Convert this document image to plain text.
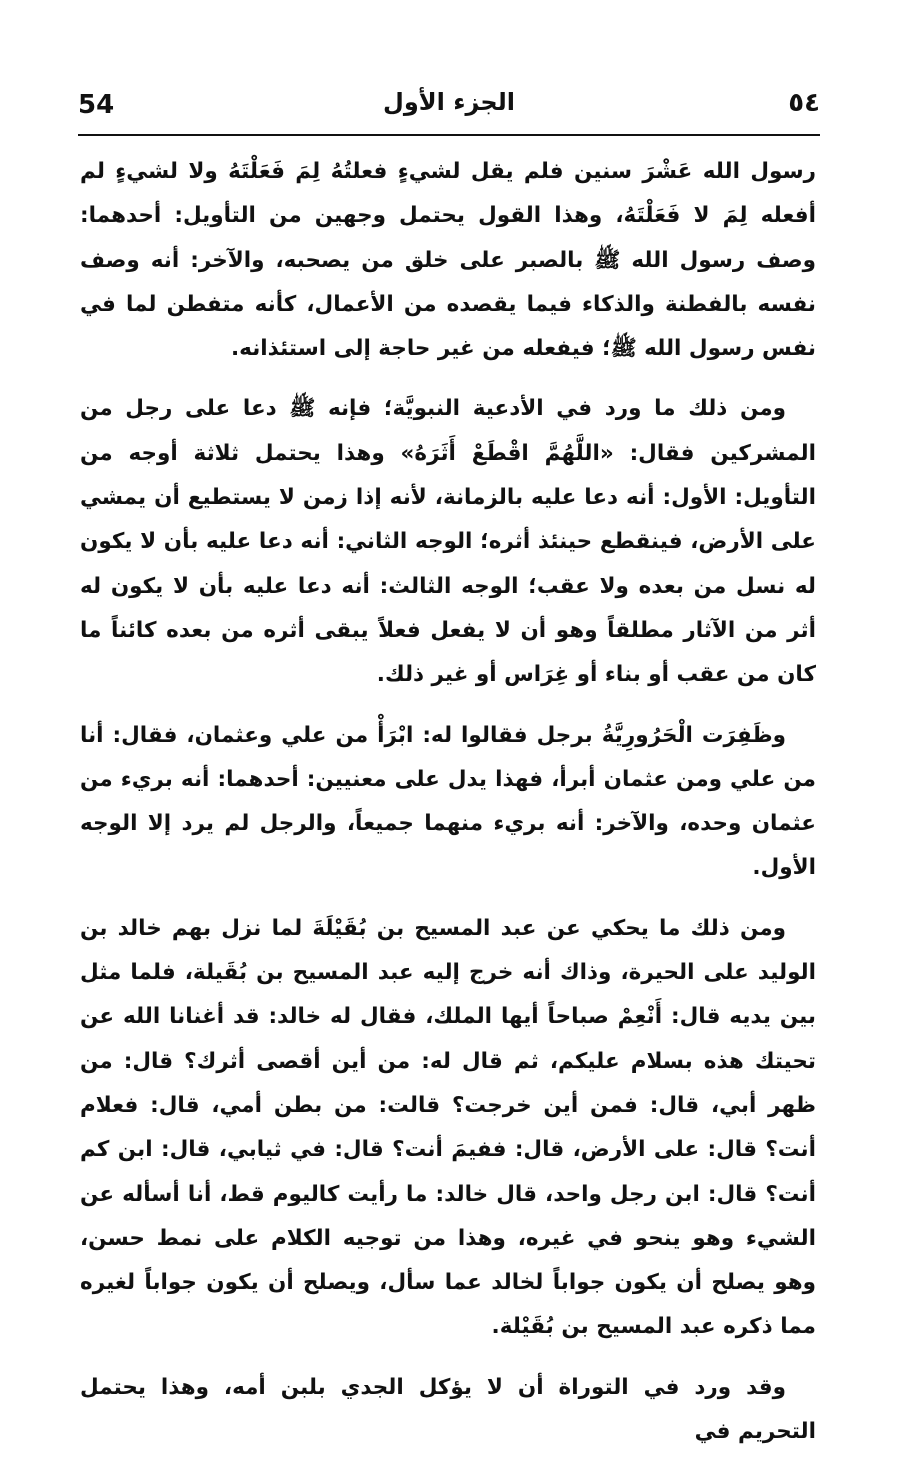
54	الجزء الأول	٥٤

رسول الله عَشْرَ سنين فلم يقل لشيءٍ فعلتُهُ لِمَ فَعَلْتَهُ ولا لشيءٍ لم أفعله لِمَ لا فَعَلْتَهُ، وهذا القول يحتمل وجهين من التأويل: أحدهما: وصف رسول الله ﷺ بالصبر على خلق من يصحبه، والآخر: أنه وصف نفسه بالفطنة والذكاء فيما يقصده من الأعمال، كأنه متفطن لما في نفس رسول الله ﷺ؛ فيفعله من غير حاجة إلى استئذانه.

ومن ذلك ما ورد في الأدعية النبويَّة؛ فإنه ﷺ دعا على رجل من المشركين فقال: «اللَّهُمَّ اقْطَعْ أَثَرَهُ» وهذا يحتمل ثلاثة أوجه من التأويل: الأول: أنه دعا عليه بالزمانة، لأنه إذا زمن لا يستطيع أن يمشي على الأرض، فينقطع حينئذ أثره؛ الوجه الثاني: أنه دعا عليه بأن لا يكون له نسل من بعده ولا عقب؛ الوجه الثالث: أنه دعا عليه بأن لا يكون له أثر من الآثار مطلقاً وهو أن لا يفعل فعلاً يبقى أثره من بعده كائناً ما كان من عقب أو بناء أو غِرَاس أو غير ذلك.

وظَفِرَت الْحَرُورِيَّةُ برجل فقالوا له: ابْرَأْ من علي وعثمان، فقال: أنا من علي ومن عثمان أبرأ، فهذا يدل على معنيين: أحدهما: أنه بريء من عثمان وحده، والآخر: أنه بريء منهما جميعاً، والرجل لم يرد إلا الوجه الأول.

ومن ذلك ما يحكي عن عبد المسيح بن بُقَيْلَةَ لما نزل بهم خالد بن الوليد على الحيرة، وذاك أنه خرج إليه عبد المسيح بن بُقَيلة، فلما مثل بين يديه قال: أَنْعِمْ صباحاً أيها الملك، فقال له خالد: قد أغنانا الله عن تحيتك هذه بسلام عليكم، ثم قال له: من أين أقصى أثرك؟ قال: من ظهر أبي، قال: فمن أين خرجت؟ قالت: من بطن أمي، قال: فعلام أنت؟ قال: على الأرض، قال: ففيمَ أنت؟ قال: في ثيابي، قال: ابن كم أنت؟ قال: ابن رجل واحد، قال خالد: ما رأيت كاليوم قط، أنا أسأله عن الشيء وهو ينحو في غيره، وهذا من توجيه الكلام على نمط حسن، وهو يصلح أن يكون جواباً لخالد عما سأل، ويصلح أن يكون جواباً لغيره مما ذكره عبد المسيح بن بُقَيْلة.

وقد ورد في التوراة أن لا يؤكل الجدي بلبن أمه، وهذا يحتمل التحريم في
